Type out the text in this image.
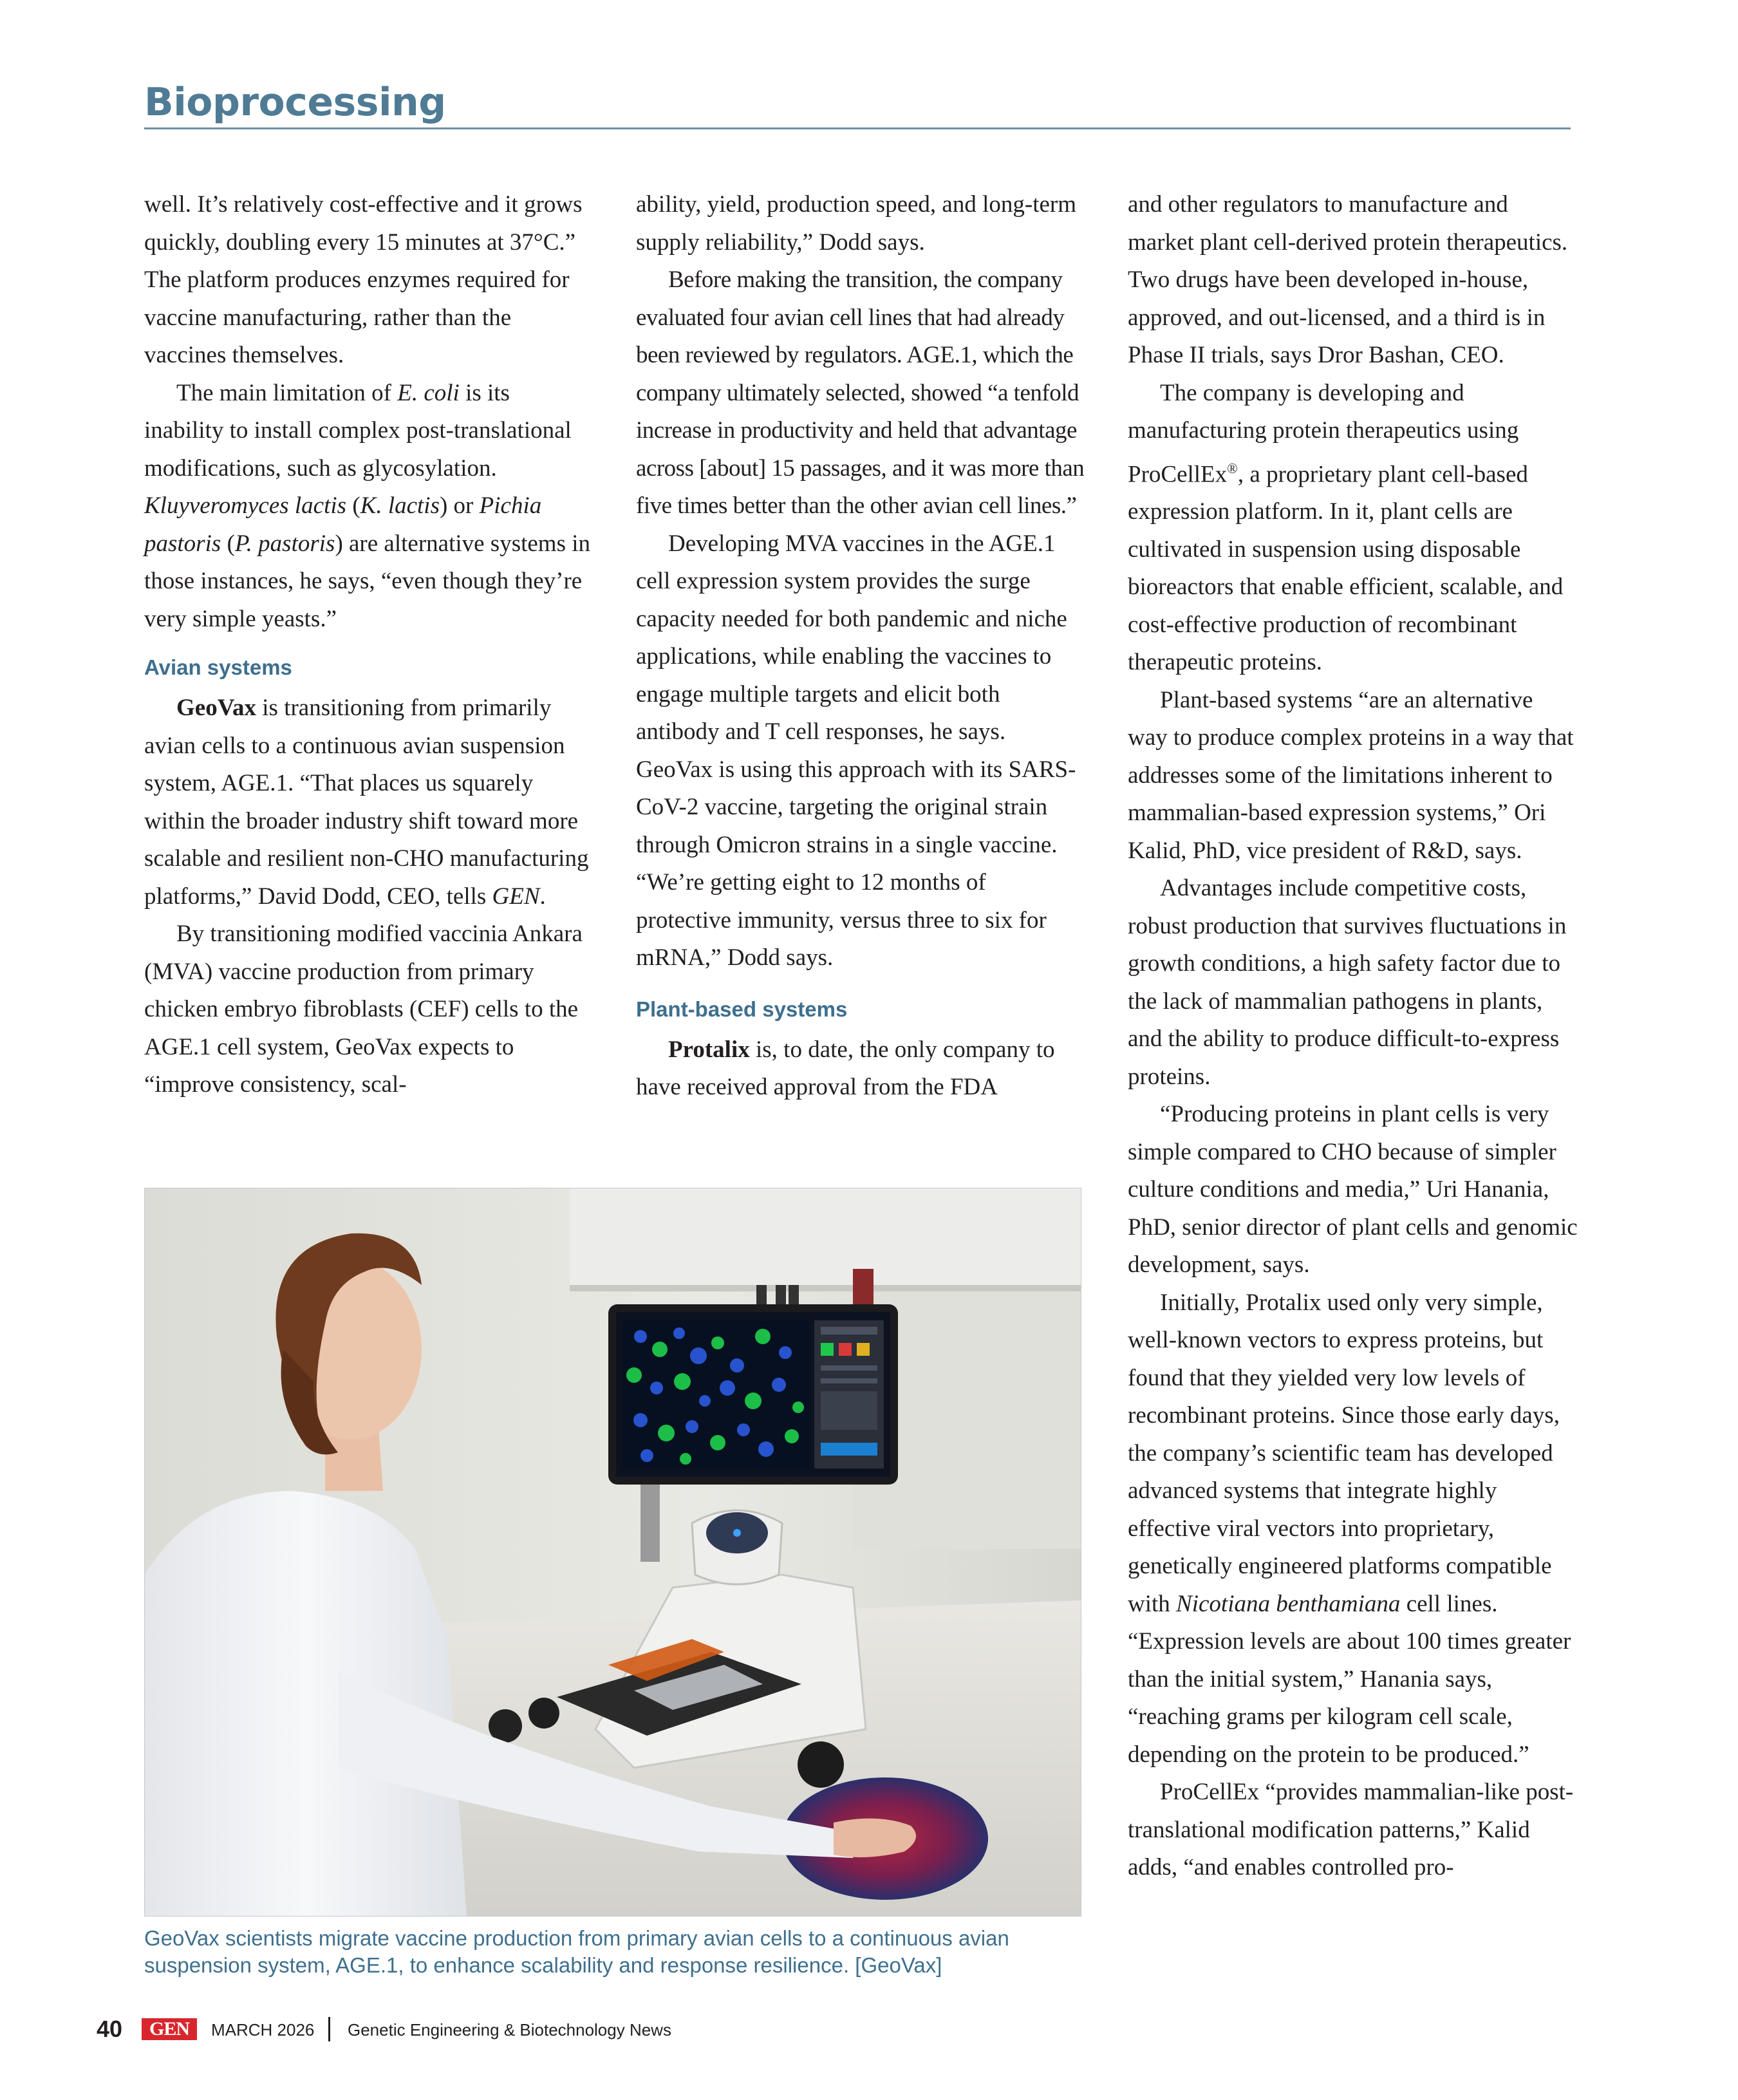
Bioprocessing

well. It’s relatively cost-effective and it grows quickly, doubling every 15 minutes at 37°C.” The platform produces enzymes required for vaccine manufacturing, rather than the vaccines themselves.

The main limitation of E. coli is its inability to install complex post-translational modifications, such as glycosylation. Kluyveromyces lactis (K. lactis) or Pichia pastoris (P. pastoris) are alternative systems in those instances, he says, “even though they’re very simple yeasts.”

Avian systems

GeoVax is transitioning from primarily avian cells to a continuous avian suspension system, AGE.1. “That places us squarely within the broader industry shift toward more scalable and resilient non-CHO manufacturing platforms,” David Dodd, CEO, tells GEN.

By transitioning modified vaccinia Ankara (MVA) vaccine production from primary chicken embryo fibroblasts (CEF) cells to the AGE.1 cell system, GeoVax expects to “improve consistency, scal-

ability, yield, production speed, and long-term supply reliability,” Dodd says.

Before making the transition, the company evaluated four avian cell lines that had already been reviewed by regulators. AGE.1, which the company ultimately selected, showed “a tenfold increase in productivity and held that advantage across [about] 15 passages, and it was more than five times better than the other avian cell lines.”

Developing MVA vaccines in the AGE.1 cell expression system provides the surge capacity needed for both pandemic and niche applications, while enabling the vaccines to engage multiple targets and elicit both antibody and T cell responses, he says. GeoVax is using this approach with its SARS-CoV-2 vaccine, targeting the original strain through Omicron strains in a single vaccine. “We’re getting eight to 12 months of protective immunity, versus three to six for mRNA,” Dodd says.

Plant-based systems

Protalix is, to date, the only company to have received approval from the FDA

and other regulators to manufacture and market plant cell-derived protein therapeutics. Two drugs have been developed in-house, approved, and out-licensed, and a third is in Phase II trials, says Dror Bashan, CEO.

The company is developing and manufacturing protein therapeutics using ProCellEx®, a proprietary plant cell-based expression platform. In it, plant cells are cultivated in suspension using disposable bioreactors that enable efficient, scalable, and cost-effective production of recombinant therapeutic proteins.

Plant-based systems “are an alternative way to produce complex proteins in a way that addresses some of the limitations inherent to mammalian-based expression systems,” Ori Kalid, PhD, vice president of R&D, says.

Advantages include competitive costs, robust production that survives fluctuations in growth conditions, a high safety factor due to the lack of mammalian pathogens in plants, and the ability to produce difficult-to-express proteins.

“Producing proteins in plant cells is very simple compared to CHO because of simpler culture conditions and media,” Uri Hanania, PhD, senior director of plant cells and genomic development, says.

Initially, Protalix used only very simple, well-known vectors to express proteins, but found that they yielded very low levels of recombinant proteins. Since those early days, the company’s scientific team has developed advanced systems that integrate highly effective viral vectors into proprietary, genetically engineered platforms compatible with Nicotiana benthamiana cell lines. “Expression levels are about 100 times greater than the initial system,” Hanania says, “reaching grams per kilogram cell scale, depending on the protein to be produced.”

ProCellEx “provides mammalian-like post-translational modification patterns,” Kalid adds, “and enables controlled pro-

GeoVax scientists migrate vaccine production from primary avian cells to a continuous avian suspension system, AGE.1, to enhance scalability and response resilience. [GeoVax]
40	GEN	MARCH 2026 Genetic Engineering & Biotechnology News
